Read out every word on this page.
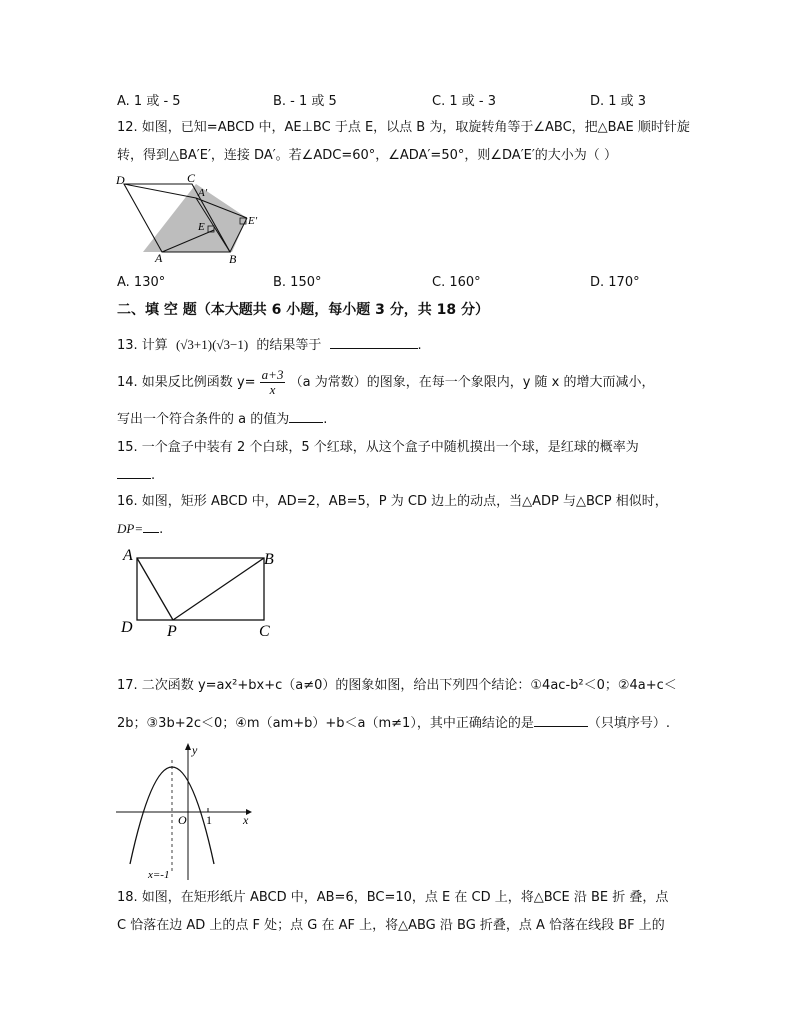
A. 1 或 - 5	B. - 1 或 5	C. 1 或 - 3	D. 1 或 3
12. 如图，已知=ABCD 中，AE⊥BC 于点 E，以点 B 为，取旋转角等于∠ABC，把△BAE 顺时针旋
转，得到△BA′E′，连接 DA′。若∠ADC=60°，∠ADA′=50°，则∠DA′E′的大小为（ ）
D	C
A′
E	E′
A	B
A. 130°	B. 150°	C. 160°	D. 170°
二、填 空 题（本大题共 6 小题，每小题 3 分，共 18 分）
13. 计算 (√3+1)(√3−1) 的结果等于	.
14. 如果反比例函数 $y= \frac{a+3}{x} (a$ 为常数）的图象，在每一个象限内，y 随 x 的增大而减小，
写出一个符合条件的 a 的值为	.
15. 一个盒子中装有 2 个白球，5 个红球，从这个盒子中随机摸出一个球，是红球的概率为
.
16. 如图，矩形 ABCD 中，AD=2，AB=5，P 为 CD 边上的动点，当△ADP 与△BCP 相似时，
DP= .
A	B
D P	C
17. 二次函数 y=ax²+bx+c（a≠0）的图象如图，给出下列四个结论：①4ac-b²＜0；②4a+c＜
2b；③3b+2c＜0；④m（am+b）+b＜a（m≠1），其中正确结论的是	（只填序号）.
y
x
O 1
x=-1
18. 如图，在矩形纸片 ABCD 中，AB=6，BC=10，点 E 在 CD 上，将△BCE 沿 BE 折 叠，点
C 恰落在边 AD 上的点 F 处；点 G 在 AF 上，将△ABG 沿 BG 折叠，点 A 恰落在线段 BF 上的
